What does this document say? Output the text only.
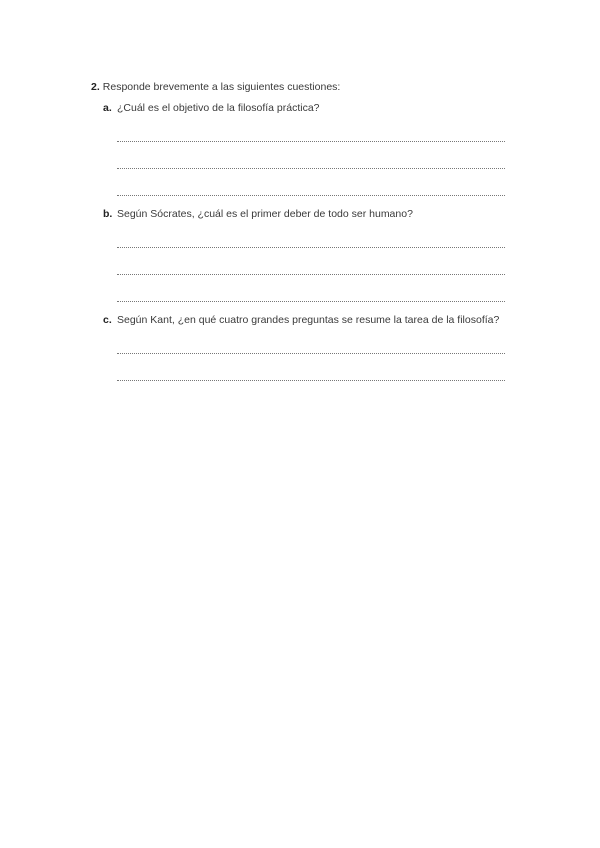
2. Responde brevemente a las siguientes cuestiones:
a. ¿Cuál es el objetivo de la filosofía práctica?
b. Según Sócrates, ¿cuál es el primer deber de todo ser humano?
c. Según Kant, ¿en qué cuatro grandes preguntas se resume la tarea de la filosofía?
